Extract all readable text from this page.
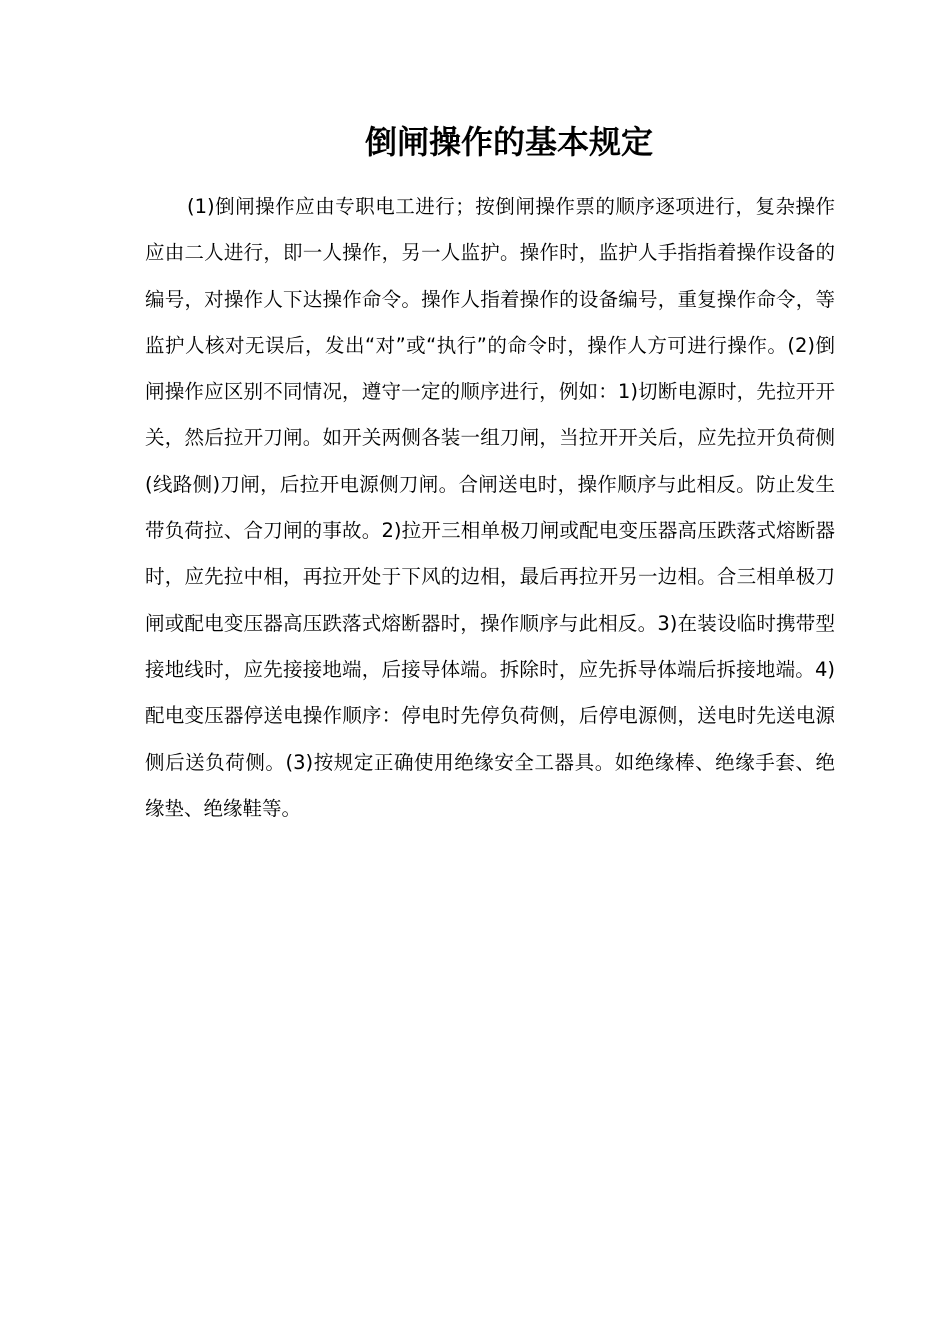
倒闸操作的基本规定

(1)倒闸操作应由专职电工进行；按倒闸操作票的顺序逐项进行，复杂操作应由二人进行，即一人操作，另一人监护。操作时，监护人手指指着操作设备的编号，对操作人下达操作命令。操作人指着操作的设备编号，重复操作命令，等监护人核对无误后，发出“对”或“执行”的命令时，操作人方可进行操作。(2)倒闸操作应区别不同情况，遵守一定的顺序进行，例如：1)切断电源时，先拉开开关，然后拉开刀闸。如开关两侧各装一组刀闸，当拉开开关后，应先拉开负荷侧(线路侧)刀闸，后拉开电源侧刀闸。合闸送电时，操作顺序与此相反。防止发生带负荷拉、合刀闸的事故。2)拉开三相单极刀闸或配电变压器高压跌落式熔断器时，应先拉中相，再拉开处于下风的边相，最后再拉开另一边相。合三相单极刀闸或配电变压器高压跌落式熔断器时，操作顺序与此相反。3)在装设临时携带型接地线时，应先接接地端，后接导体端。拆除时，应先拆导体端后拆接地端。4)配电变压器停送电操作顺序：停电时先停负荷侧，后停电源侧，送电时先送电源侧后送负荷侧。(3)按规定正确使用绝缘安全工器具。如绝缘棒、绝缘手套、绝缘垫、绝缘鞋等。
